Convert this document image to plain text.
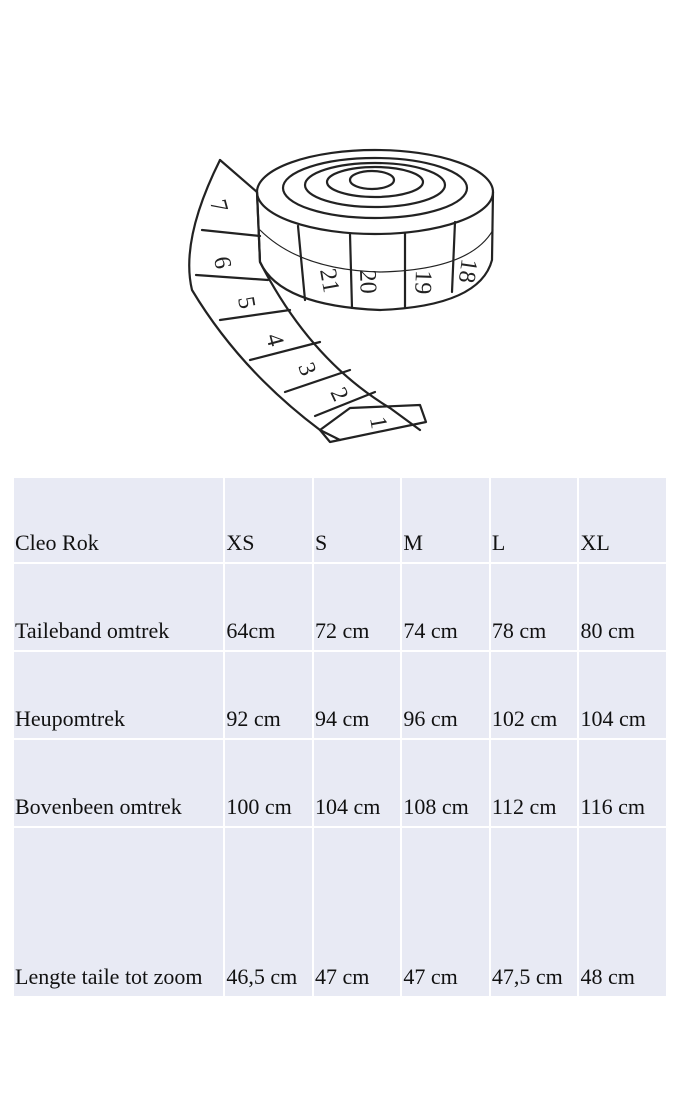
7
6
5
4
3
2
1
21 20 19 18
Cleo Rok	XS	S	M	L	XL
Taileband omtrek	64cm	72 cm	74 cm	78 cm	80 cm
Heupomtrek	92 cm	94 cm	96 cm	102 cm	104 cm
Bovenbeen omtrek	100 cm	104 cm	108 cm	112 cm	116 cm
Lengte taile tot zoom	46,5 cm	47 cm	47 cm	47,5 cm	48 cm
